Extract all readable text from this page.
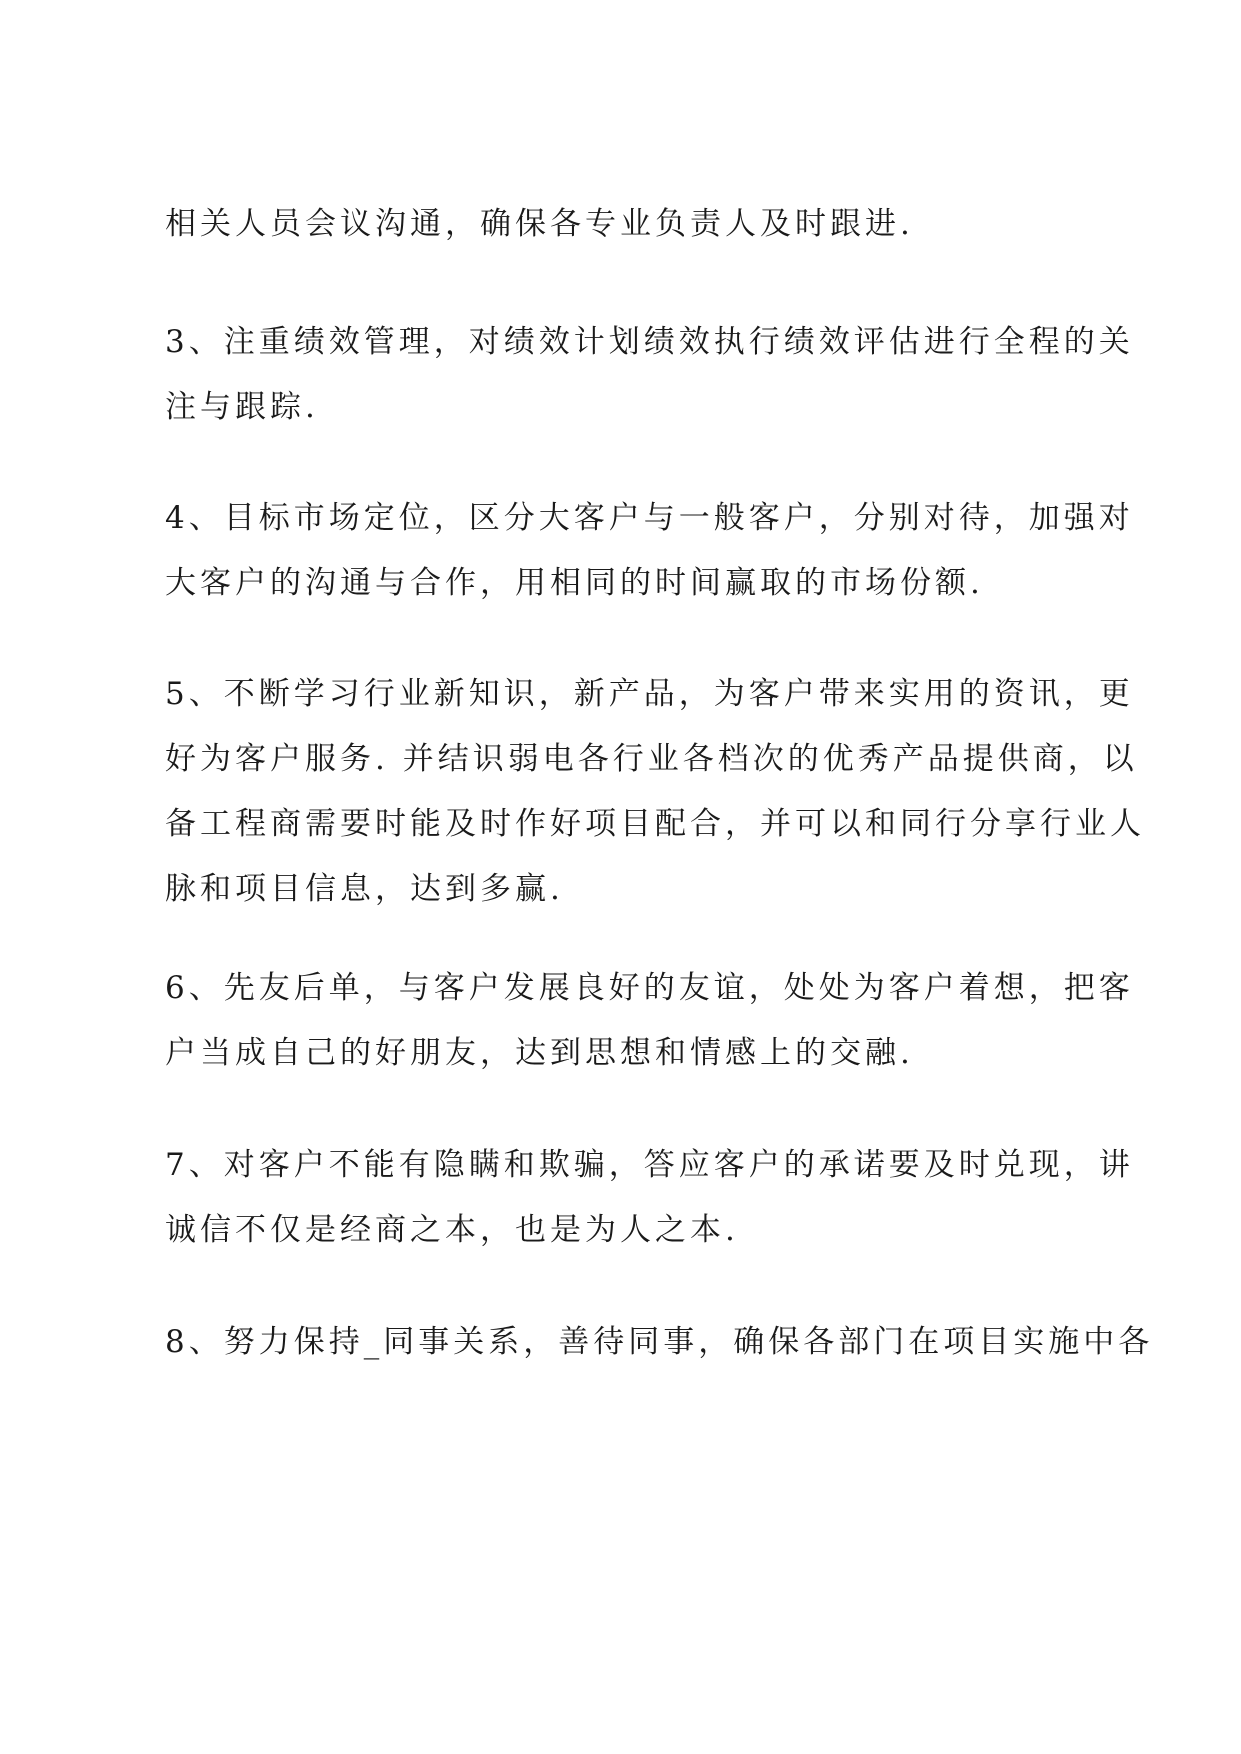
相关人员会议沟通，确保各专业负责人及时跟进.

3、注重绩效管理，对绩效计划绩效执行绩效评估进行全程的关
注与跟踪.

4、目标市场定位，区分大客户与一般客户，分别对待，加强对
大客户的沟通与合作，用相同的时间赢取的市场份额.

5、不断学习行业新知识，新产品，为客户带来实用的资讯，更
好为客户服务. 并结识弱电各行业各档次的优秀产品提供商，以
备工程商需要时能及时作好项目配合，并可以和同行分享行业人
脉和项目信息，达到多赢.

6、先友后单，与客户发展良好的友谊，处处为客户着想，把客
户当成自己的好朋友，达到思想和情感上的交融.

7、对客户不能有隐瞒和欺骗，答应客户的承诺要及时兑现，讲
诚信不仅是经商之本，也是为人之本.

8、努力保持_同事关系，善待同事，确保各部门在项目实施中各
